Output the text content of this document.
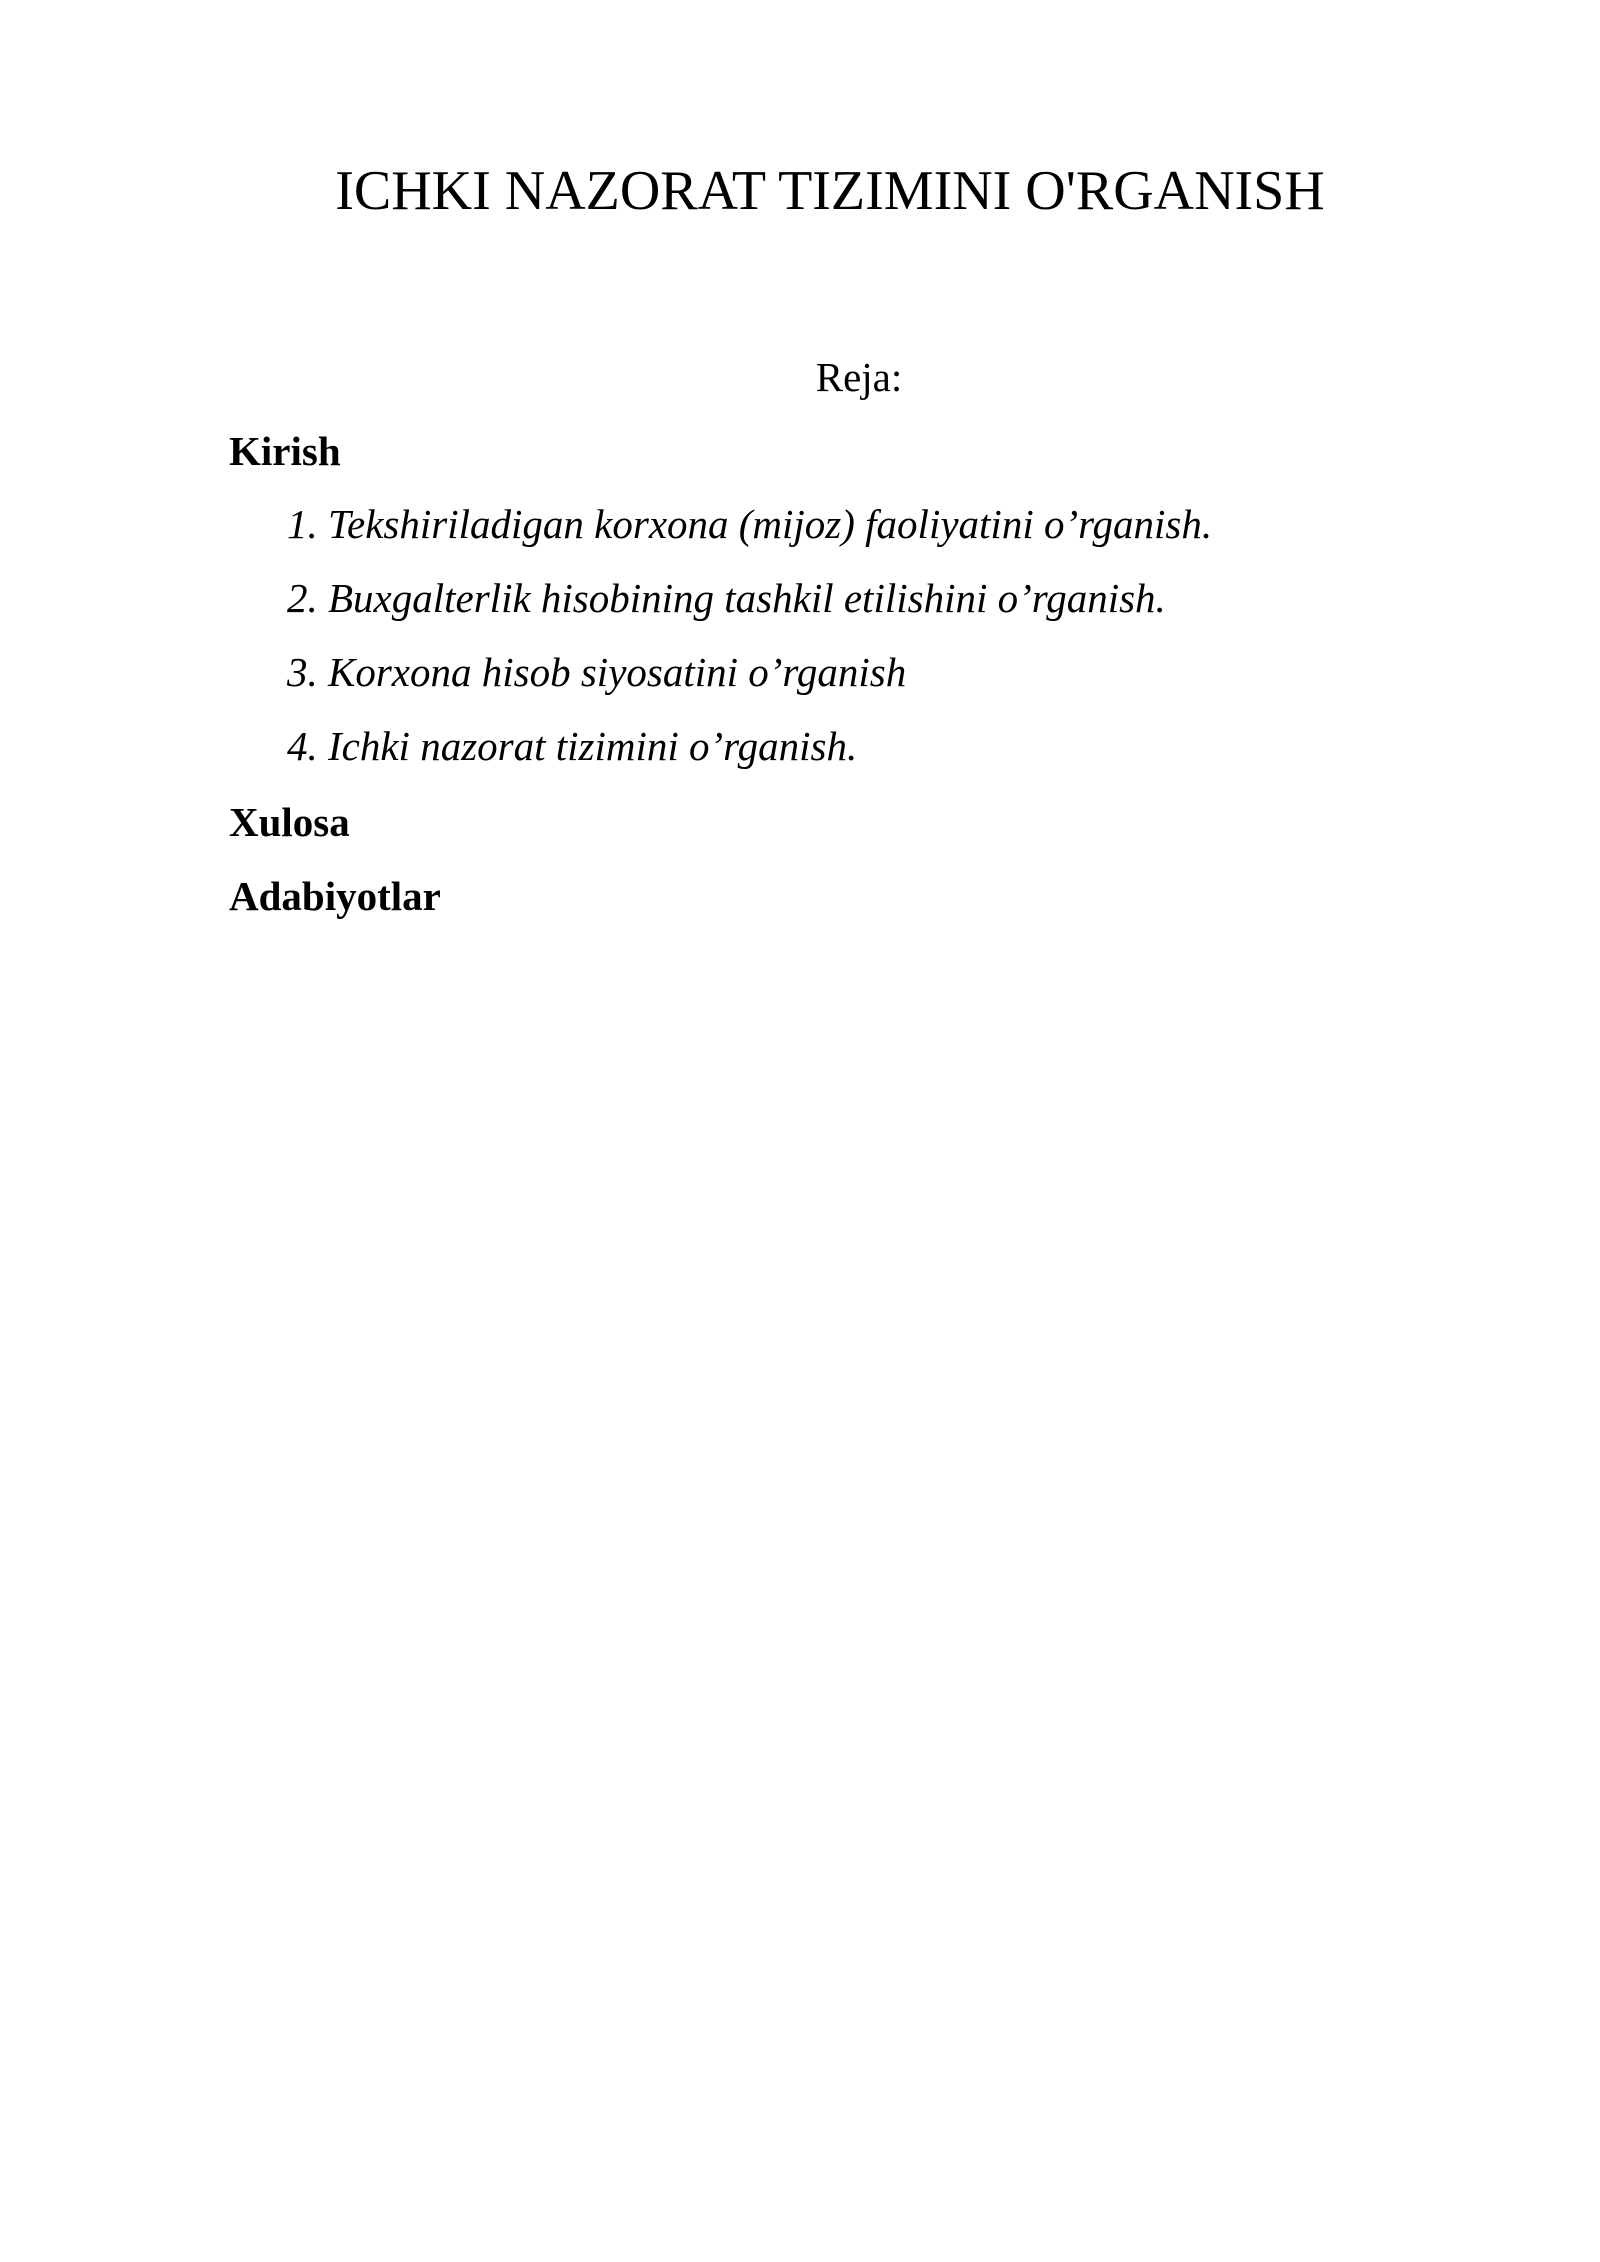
ICHKI NAZORAT TIZIMINI O'RGANISH

Reja:

Kirish

1. Tekshiriladigan korxona (mijoz) faoliyatini o’rganish.
2. Buxgalterlik hisobining tashkil etilishini o’rganish.
3. Korxona hisob siyosatini o’rganish
4. Ichki nazorat tizimini o’rganish.

Xulosa

Adabiyotlar
